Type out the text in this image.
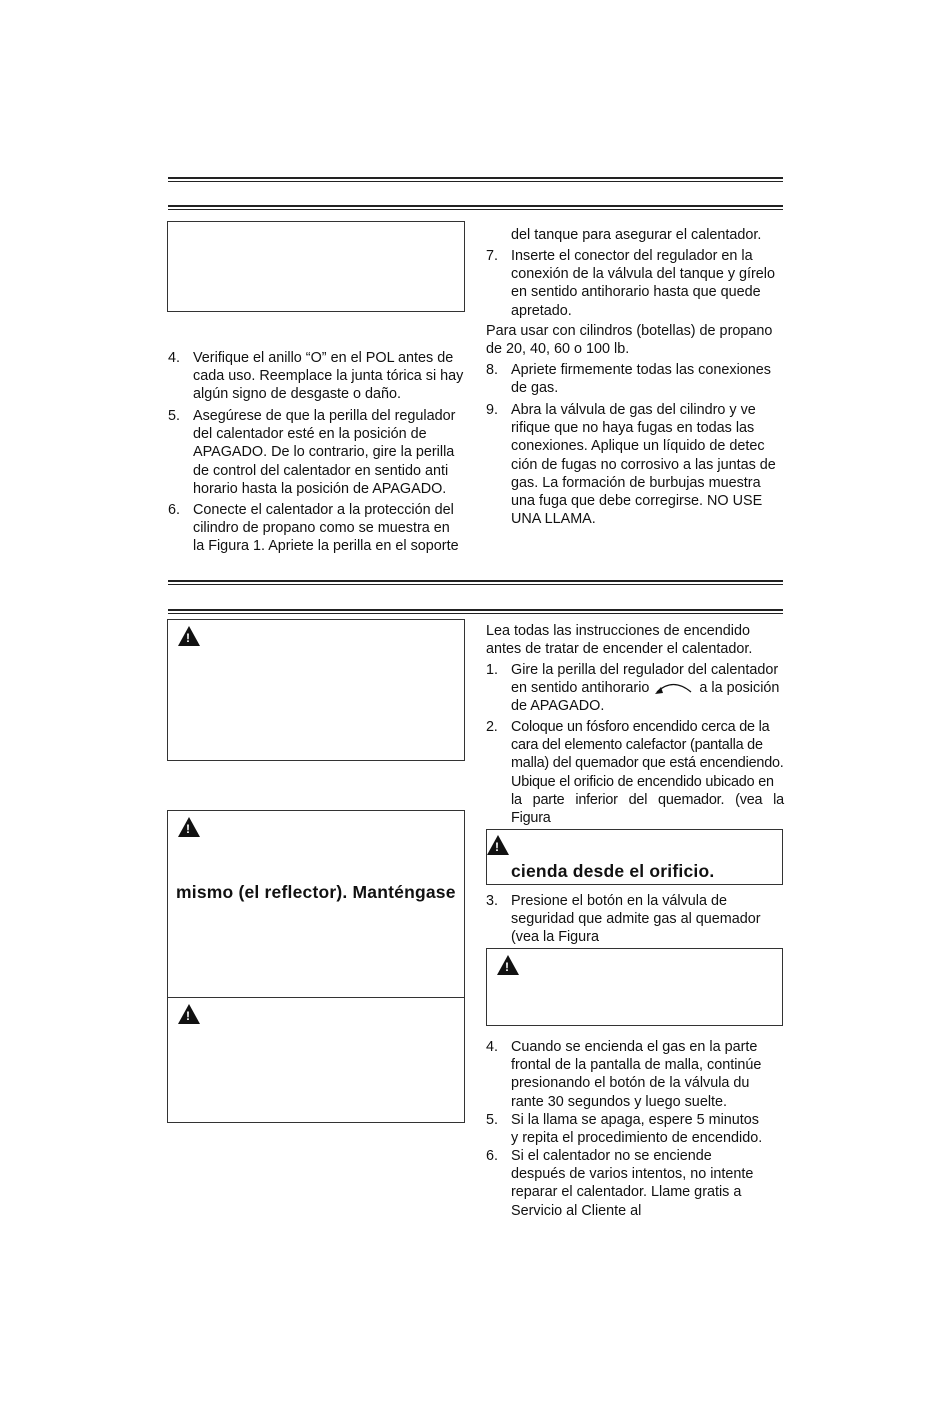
4. Verifique el anillo “O” en el POL antes de
cada uso. Reemplace la junta tórica si hay
algún signo de desgaste o daño.
5. Asegúrese de que la perilla del regulador
del calentador esté en la posición de
APAGADO. De lo contrario, gire la perilla
de control del calentador en sentido anti
horario hasta la posición de APAGADO.
6. Conecte el calentador a la protección del
cilindro de propano como se muestra en
la Figura 1. Apriete la perilla en el soporte
del tanque para asegurar el calentador.
7. Inserte el conector del regulador en la
conexión de la válvula del tanque y gírelo
en sentido antihorario hasta que quede
apretado.
Para usar con cilindros (botellas) de propano
de 20, 40, 60 o 100 lb.
8. Apriete firmemente todas las conexiones
de gas.
9. Abra la válvula de gas del cilindro y ve
rifique que no haya fugas en todas las
conexiones. Aplique un líquido de detec
ción de fugas no corrosivo a las juntas de
gas. La formación de burbujas muestra
una fuga que debe corregirse. NO USE
UNA LLAMA.
!
!
mismo (el reflector). Manténgase
!
Lea todas las instrucciones de encendido
antes de tratar de encender el calentador.
1. Gire la perilla del regulador del calentador
en sentido antihorario	a la posición
de APAGADO.
2. Coloque un fósforo encendido cerca de la
cara del elemento calefactor (pantalla de
malla) del quemador que está encendiendo.
Ubique el orificio de encendido ubicado en
la parte inferior del quemador. (vea la Figura
!
cienda desde el orificio.
3. Presione el botón en la válvula de
seguridad que admite gas al quemador
(vea la Figura
!
4. Cuando se encienda el gas en la parte
frontal de la pantalla de malla, continúe
presionando el botón de la válvula du
rante 30 segundos y luego suelte.
5. Si la llama se apaga, espere 5 minutos
y repita el procedimiento de encendido.
6. Si el calentador no se enciende
después de varios intentos, no intente
reparar el calentador. Llame gratis a
Servicio al Cliente al
